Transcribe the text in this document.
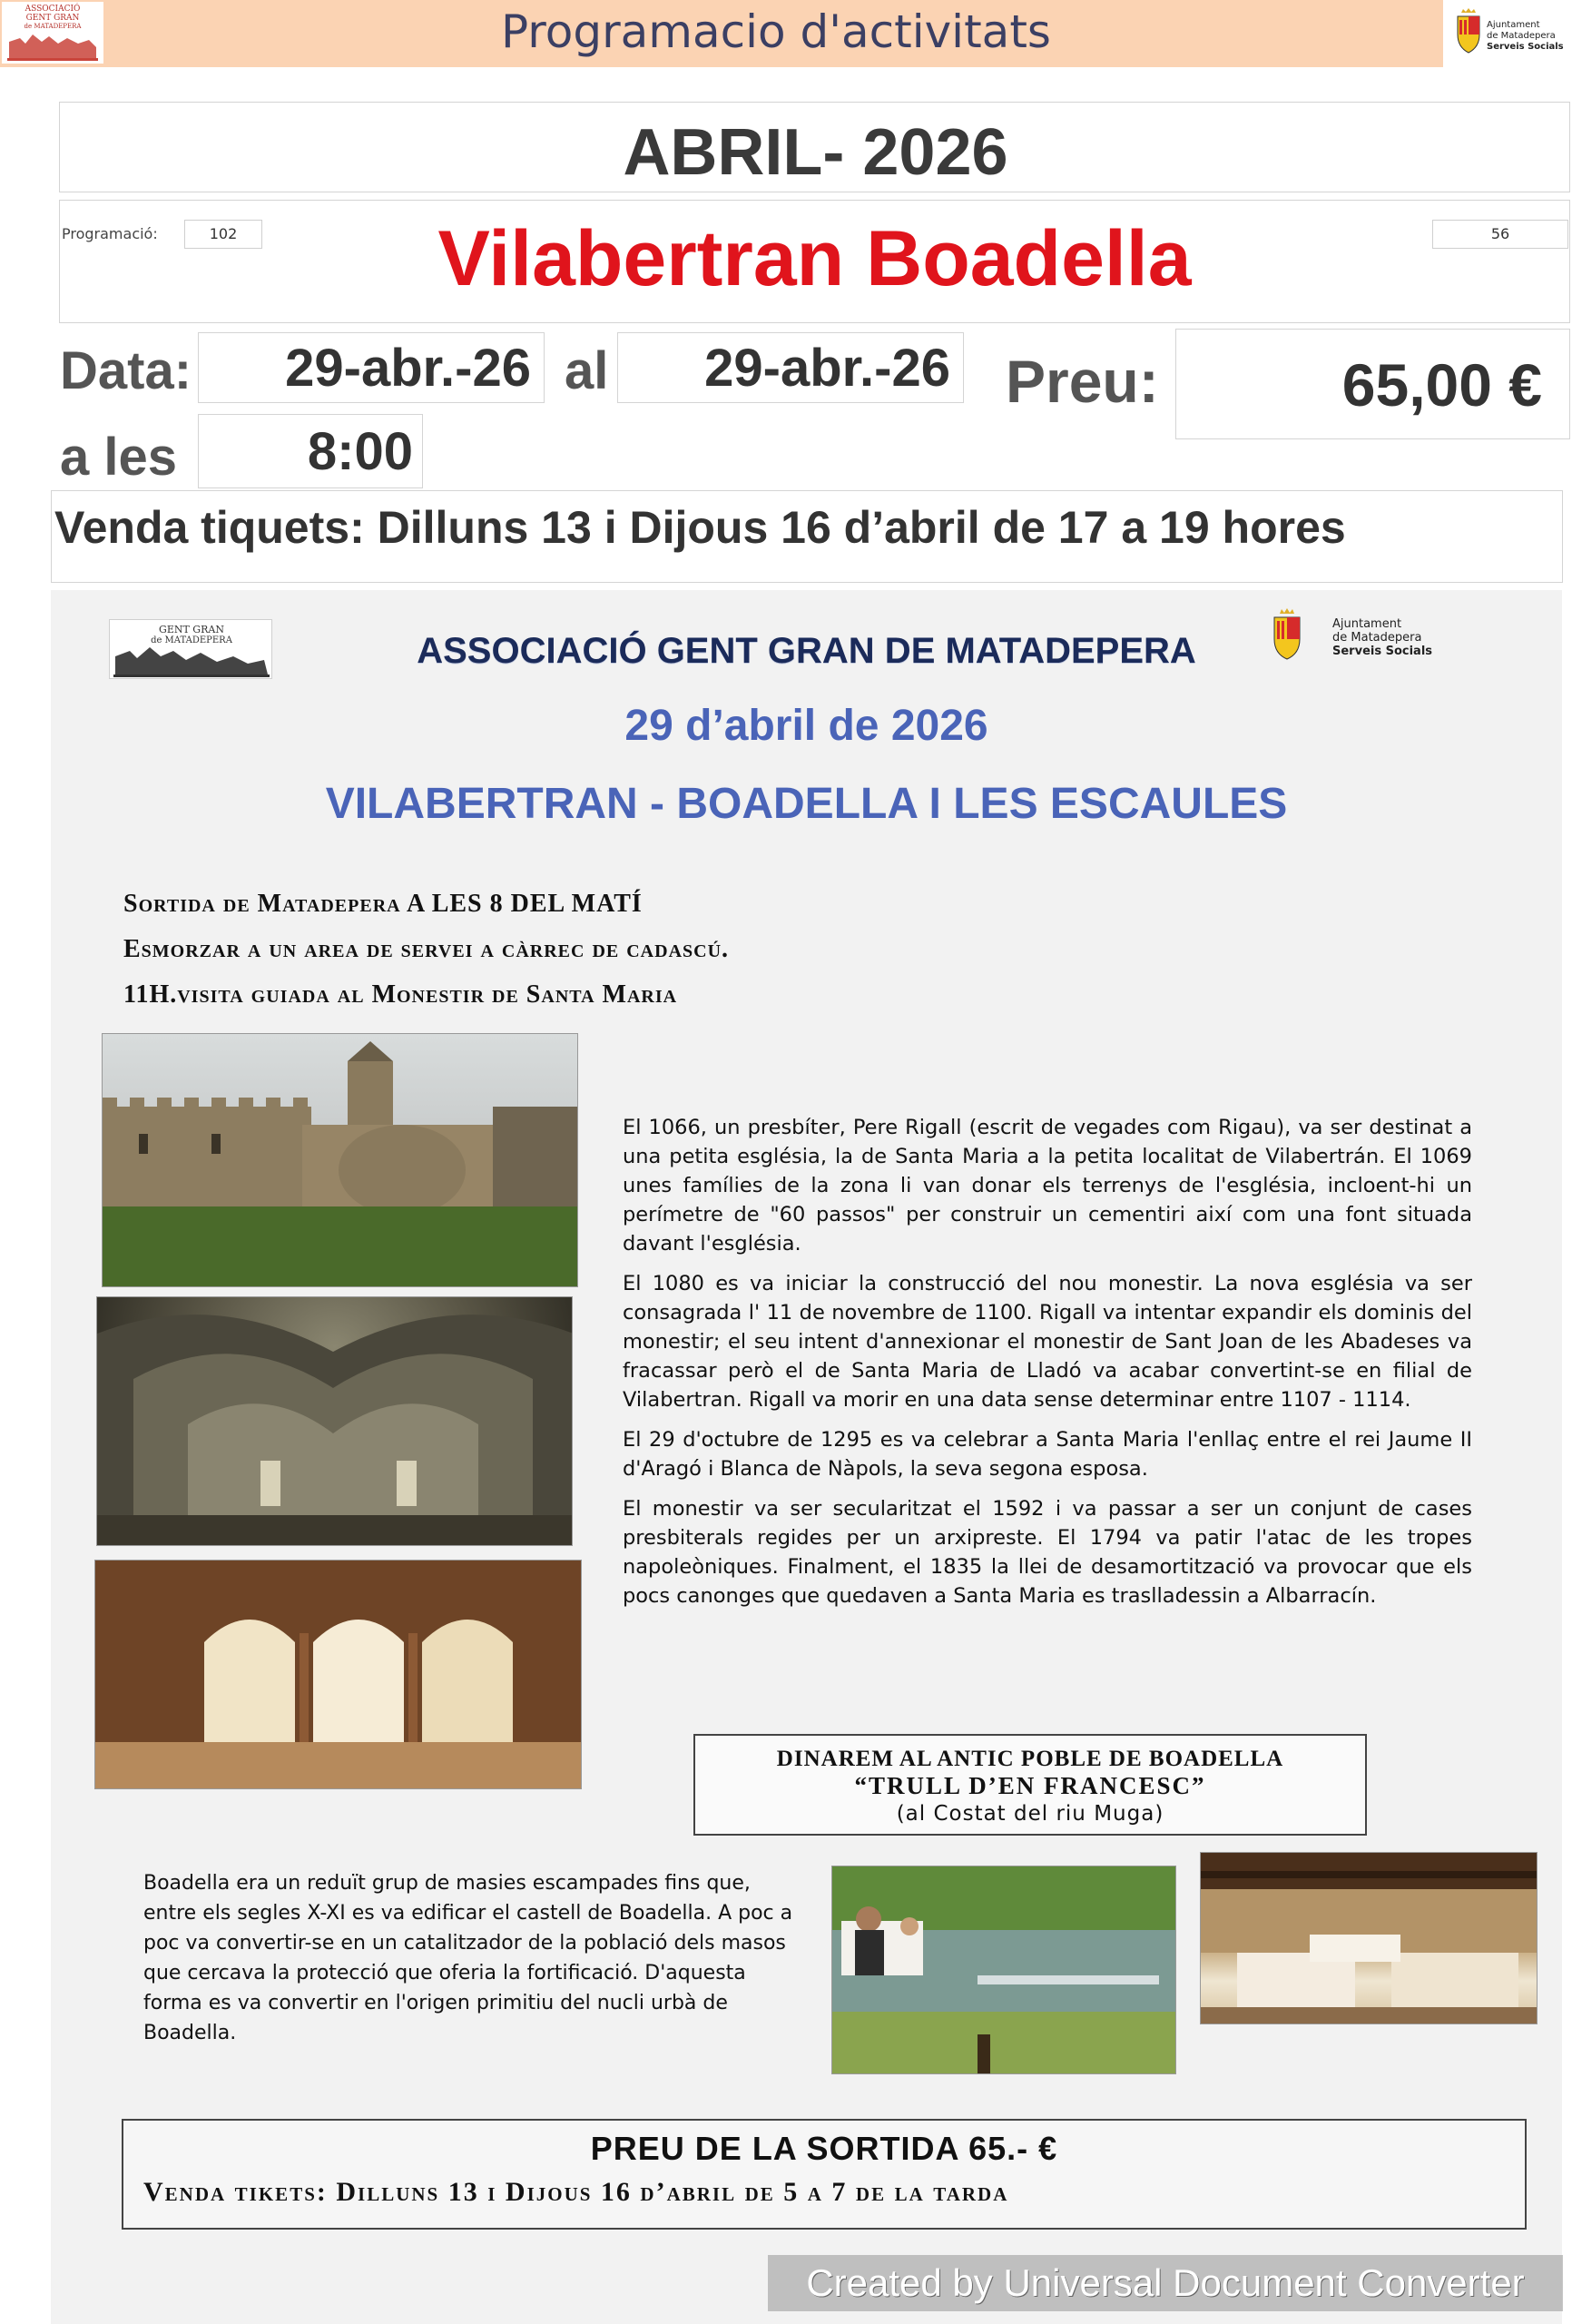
Programacio d'activitats
ASSOCIACIÓ
GENT GRAN
de MATADEPERA	Ajuntament
de Matadepera
Serveis Socials
ABRIL- 2026
Programació:	102	56
Vilabertran Boadella
Data:	29-abr.-26 al	29-abr.-26 Preu:	65,00 €
a les	8:00
Venda tiquets: Dilluns 13 i Dijous 16 d’abril de 17 a 19 hores
GENT GRAN
de MATADEPERA
Ajuntament
de Matadepera
Serveis Socials
ASSOCIACIÓ GENT GRAN DE MATADEPERA
29 d’abril de 2026
VILABERTRAN - BOADELLA I LES ESCAULES
Sortida de Matadepera A LES 8 DEL MATÍ
Esmorzar a un area de servei a càrrec de cadascú.
11H.visita guiada al Monestir de Santa Maria

El 1066, un presbíter, Pere Rigall (escrit de vegades com Rigau), va ser destinat a una petita església, la de Santa Maria a la petita localitat de Vilabertrán. El 1069 unes famílies de la zona li van donar els terrenys de l'església, incloent-hi un perímetre de "60 passos" per construir un cementiri així com una font situada davant l'església.

El 1080 es va iniciar la construcció del nou monestir. La nova església va ser consagrada l' 11 de novembre de 1100. Rigall va intentar expandir els dominis del monestir; el seu intent d'annexionar el monestir de Sant Joan de les Abadeses va fracassar però el de Santa Maria de Lladó va acabar convertint-se en filial de Vilabertran. Rigall va morir en una data sense determinar entre 1107 - 1114.

El 29 d'octubre de 1295 es va celebrar a Santa Maria l'enllaç entre el rei Jaume II d'Aragó i Blanca de Nàpols, la seva segona esposa.

El monestir va ser secularitzat el 1592 i va passar a ser un conjunt de cases presbiterals regides per un arxipreste. El 1794 va patir l'atac de les tropes napoleòniques. Finalment, el 1835 la llei de desamortització va provocar que els pocs canonges que quedaven a Santa Maria es traslladessin a Albarracín.

DINAREM AL ANTIC POBLE DE BOADELLA
“TRULL D’EN FRANCESC”
(al Costat del riu Muga)
Boadella era un reduït grup de masies escampades fins que, entre els segles X-XI es va edificar el castell de Boadella. A poc a poc va convertir-se en un catalitzador de la població dels masos que cercava la protecció que oferia la fortificació. D'aquesta forma es va convertir en l'origen primitiu del nucli urbà de Boadella.
PREU DE LA SORTIDA 65.- €
Venda tikets: Dilluns 13 i Dijous 16 d’abril de 5 a 7 de la tarda
Created by Universal Document Converter
